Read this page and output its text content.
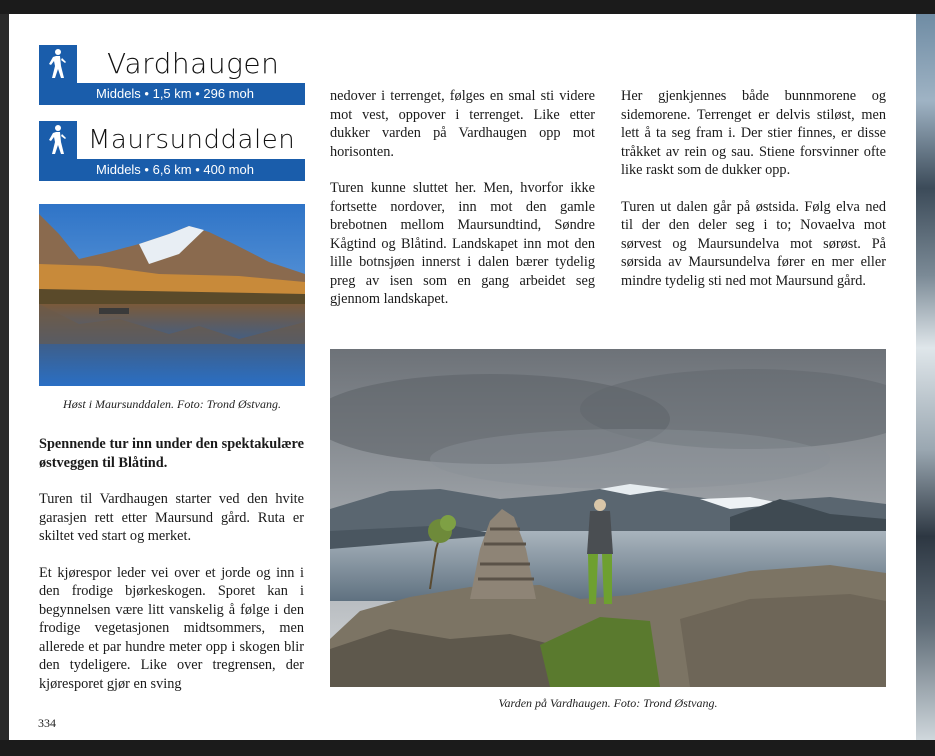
Vardhaugen
Middels • 1,5 km • 296 moh
Maursunddalen
Middels • 6,6 km • 400 moh
Høst i Maursunddalen. Foto: Trond Østvang.

Spennende tur inn under den spektakulære østveggen til Blåtind.

Turen til Vardhaugen starter ved den hvite garasjen rett etter Maursund gård. Ruta er skiltet ved start og merket.

Et kjørespor leder vei over et jorde og inn i den frodige bjørkeskogen. Sporet kan i begynnelsen være litt vanskelig å følge i den frodige vegetasjonen midtsommers, men allerede et par hundre meter opp i skogen blir den tydeligere. Like over tregrensen, der kjøresporet gjør en sving

nedover i terrenget, følges en smal sti videre mot vest, oppover i terrenget. Like etter dukker varden på Vardhaugen opp mot horisonten.

Turen kunne sluttet her. Men, hvorfor ikke fortsette nordover, inn mot den gamle brebotnen mellom Maursundtind, Søndre Kågtind og Blåtind. Landskapet inn mot den lille botnsjøen innerst i dalen bærer tydelig preg av isen som en gang arbeidet seg gjennom landskapet.

Her gjenkjennes både bunnmorene og sidemorene. Terrenget er delvis stiløst, men lett å ta seg fram i. Der stier finnes, er disse tråkket av rein og sau. Stiene forsvinner ofte like raskt som de dukker opp.

Turen ut dalen går på østsida. Følg elva ned til der den deler seg i to; Novaelva mot sørvest og Maursundelva mot sørøst. På sørsida av Maursundelva fører en mer eller mindre tydelig sti ned mot Maursund gård.

Varden på Vardhaugen. Foto: Trond Østvang.
334
